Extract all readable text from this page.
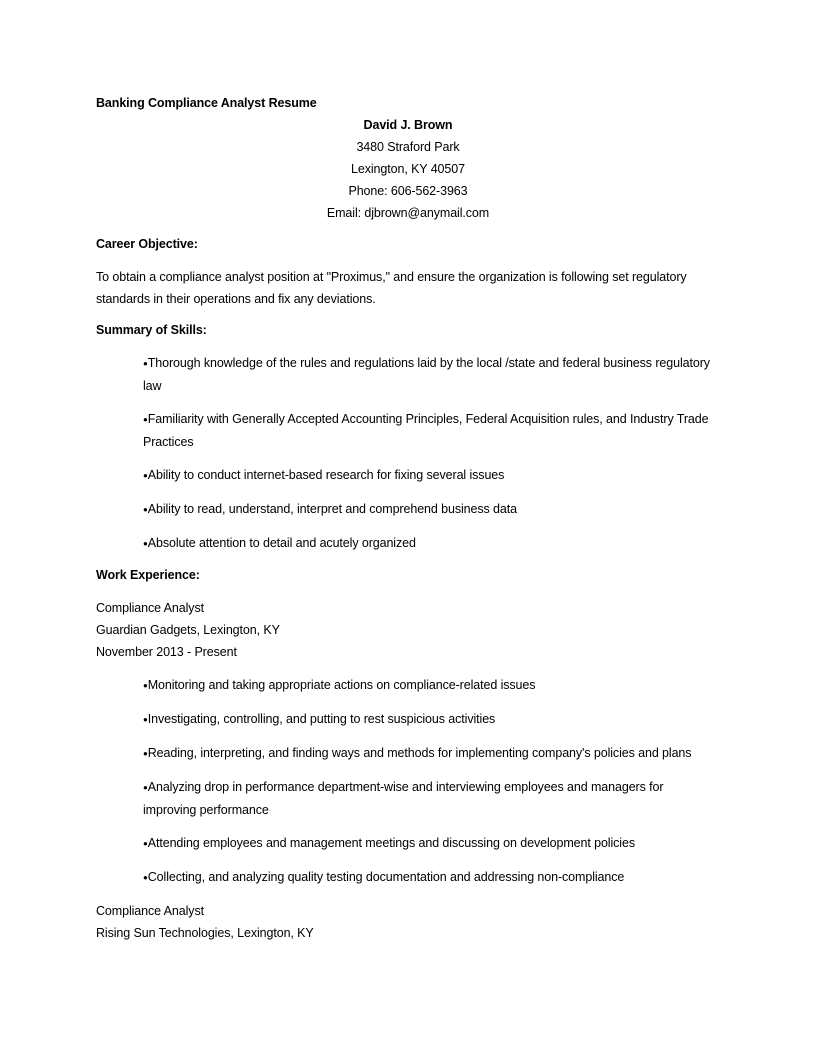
Banking Compliance Analyst Resume
David J. Brown
3480 Straford Park
Lexington, KY 40507
Phone: 606-562-3963
Email: djbrown@anymail.com
Career Objective:
To obtain a compliance analyst position at "Proximus," and ensure the organization is following set regulatory standards in their operations and fix any deviations.
Summary of Skills:
● Thorough knowledge of the rules and regulations laid by the local /state and federal business regulatory law
● Familiarity with Generally Accepted Accounting Principles, Federal Acquisition rules, and Industry Trade Practices
● Ability to conduct internet-based research for fixing several issues
● Ability to read, understand, interpret and comprehend business data
● Absolute attention to detail and acutely organized
Work Experience:
Compliance Analyst
Guardian Gadgets, Lexington, KY
November 2013 - Present
● Monitoring and taking appropriate actions on compliance-related issues
● Investigating, controlling, and putting to rest suspicious activities
● Reading, interpreting, and finding ways and methods for implementing company's policies and plans
● Analyzing drop in performance department-wise and interviewing employees and managers for improving performance
● Attending employees and management meetings and discussing on development policies
● Collecting, and analyzing quality testing documentation and addressing non-compliance
Compliance Analyst
Rising Sun Technologies, Lexington, KY
